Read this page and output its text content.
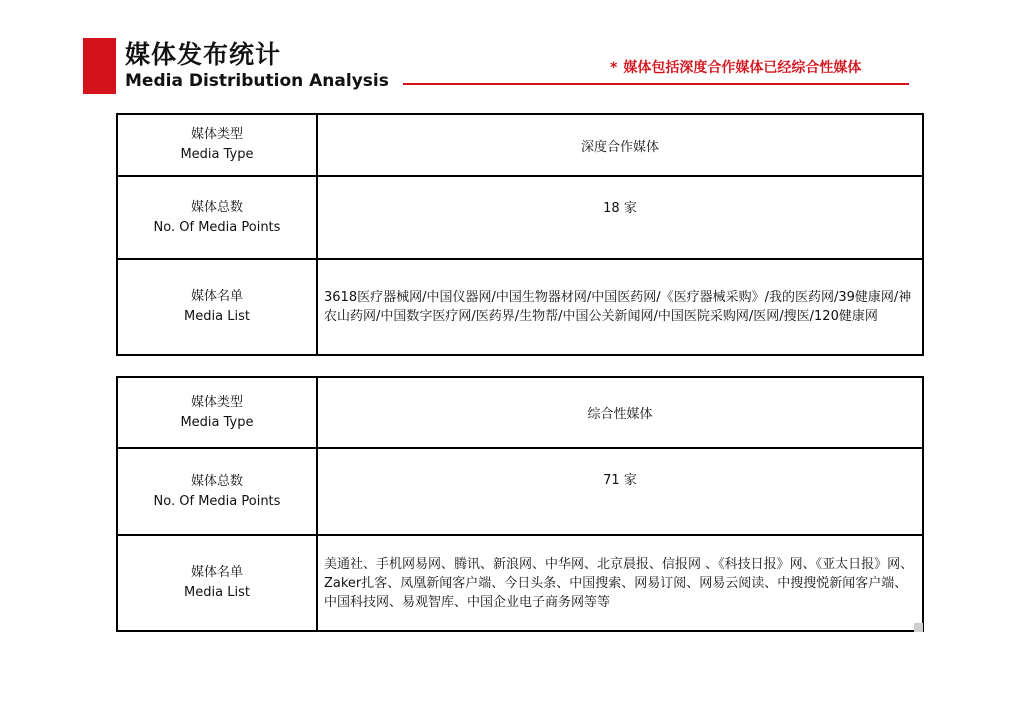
媒体发布统计
Media Distribution Analysis
* 媒体包括深度合作媒体已经综合性媒体
媒体类型
Media Type	深度合作媒体

媒体总数
No. Of Media Points	18 家

媒体名单
Media List	3618医疗器械网/中国仪器网/中国生物器材网/中国医药网/《医疗器械采购》/我的医药网/39健康网/神农山药网/中国数字医疗网/医药界/生物帮/中国公关新闻网/中国医院采购网/医网/搜医/120健康网
媒体类型
Media Type	综合性媒体

媒体总数
No. Of Media Points	71 家

媒体名单
Media List	美通社、手机网易网、腾讯、新浪网、中华网、北京晨报、信报网 、《科技日报》网、《亚太日报》网、Zaker扎客、凤凰新闻客户端、今日头条、中国搜索、网易订阅、网易云阅读、中搜搜悦新闻客户端、中国科技网、易观智库、中国企业电子商务网等等
